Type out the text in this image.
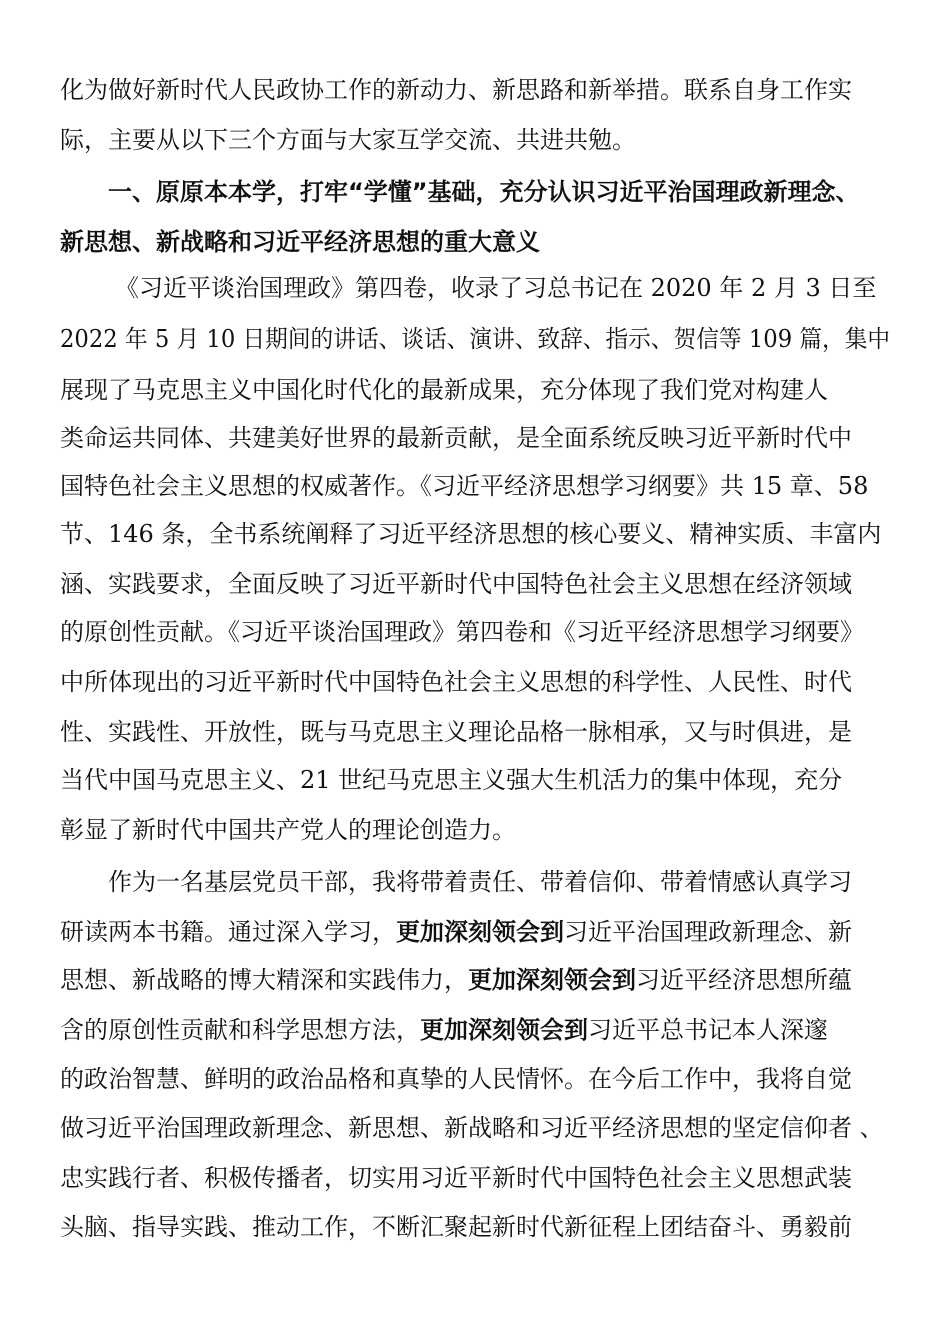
化为做好新时代人民政协工作的新动力、新思路和新举措。联系自身工作实
际，主要从以下三个方面与大家互学交流、共进共勉。
一、原原本本学，打牢“学懂”基础，充分认识习近平治国理政新理念、
新思想、新战略和习近平经济思想的重大意义
《习近平谈治国理政》第四卷，收录了习总书记在 2020 年 2 月 3 日至
2022 年 5 月 10 日期间的讲话、谈话、演讲、致辞、指示、贺信等 109 篇，集中
展现了马克思主义中国化时代化的最新成果，充分体现了我们党对构建人
类命运共同体、共建美好世界的最新贡献，是全面系统反映习近平新时代中
国特色社会主义思想的权威著作。《习近平经济思想学习纲要》共 15 章、58
节、146 条，全书系统阐释了习近平经济思想的核心要义、精神实质、丰富内
涵、实践要求，全面反映了习近平新时代中国特色社会主义思想在经济领域
的原创性贡献。《习近平谈治国理政》第四卷和《习近平经济思想学习纲要》
中所体现出的习近平新时代中国特色社会主义思想的科学性、人民性、时代
性、实践性、开放性，既与马克思主义理论品格一脉相承，又与时俱进，是
当代中国马克思主义、21 世纪马克思主义强大生机活力的集中体现，充分
彰显了新时代中国共产党人的理论创造力。
作为一名基层党员干部，我将带着责任、带着信仰、带着情感认真学习
研读两本书籍。通过深入学习，更加深刻领会到习近平治国理政新理念、新
思想、新战略的博大精深和实践伟力，更加深刻领会到习近平经济思想所蕴
含的原创性贡献和科学思想方法，更加深刻领会到习近平总书记本人深邃
的政治智慧、鲜明的政治品格和真挚的人民情怀。在今后工作中，我将自觉
做习近平治国理政新理念、新思想、新战略和习近平经济思想的坚定信仰者 、
忠实践行者、积极传播者，切实用习近平新时代中国特色社会主义思想武装
头脑、指导实践、推动工作，不断汇聚起新时代新征程上团结奋斗、勇毅前
